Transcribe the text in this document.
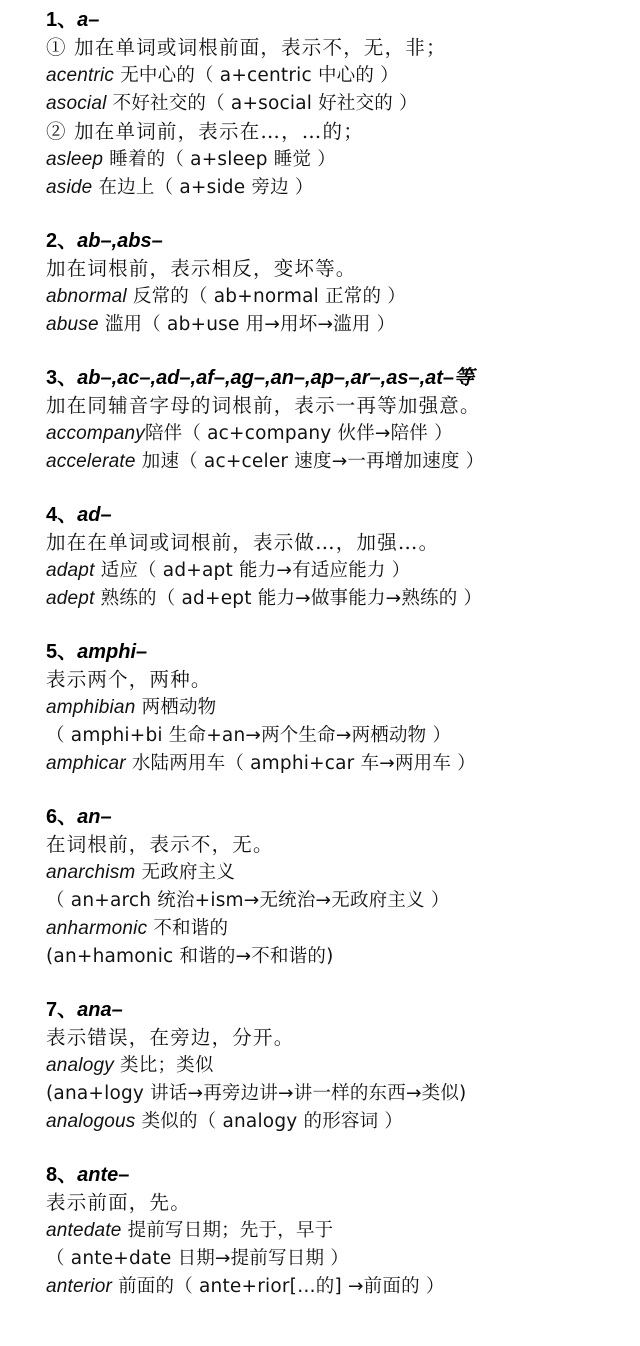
1、a–
① 加在单词或词根前面，表示不，无，非；
acentric 无中心的（ a+centric 中心的 ）
asocial 不好社交的（ a+social 好社交的 ）
② 加在单词前，表示在…，…的；
asleep 睡着的（ a+sleep 睡觉 ）
aside 在边上（ a+side 旁边 ）
2、ab–,abs–
加在词根前，表示相反，变坏等。
abnormal 反常的（ ab+normal 正常的 ）
abuse 滥用（ ab+use 用→用坏→滥用 ）
3、ab–,ac–,ad–,af–,ag–,an–,ap–,ar–,as–,at–等
加在同辅音字母的词根前，表示一再等加强意。
accompany陪伴（ ac+company 伙伴→陪伴 ）
accelerate 加速（ ac+celer 速度→一再增加速度 ）
4、ad–
加在在单词或词根前，表示做…，加强…。
adapt 适应（ ad+apt 能力→有适应能力 ）
adept 熟练的（ ad+ept 能力→做事能力→熟练的 ）
5、amphi–
表示两个，两种。
amphibian 两栖动物
（ amphi+bi 生命+an→两个生命→两栖动物 ）
amphicar 水陆两用车（ amphi+car 车→两用车 ）
6、an–
在词根前，表示不，无。
anarchism 无政府主义
（ an+arch 统治+ism→无统治→无政府主义 ）
anharmonic 不和谐的
(an+hamonic 和谐的→不和谐的)
7、ana–
表示错误，在旁边，分开。
analogy 类比；类似
(ana+logy 讲话→再旁边讲→讲一样的东西→类似)
analogous 类似的（ analogy 的形容词 ）
8、ante–
表示前面，先。
antedate 提前写日期；先于，早于
（ ante+date 日期→提前写日期 ）
anterior 前面的（ ante+rior[…的] →前面的 ）
